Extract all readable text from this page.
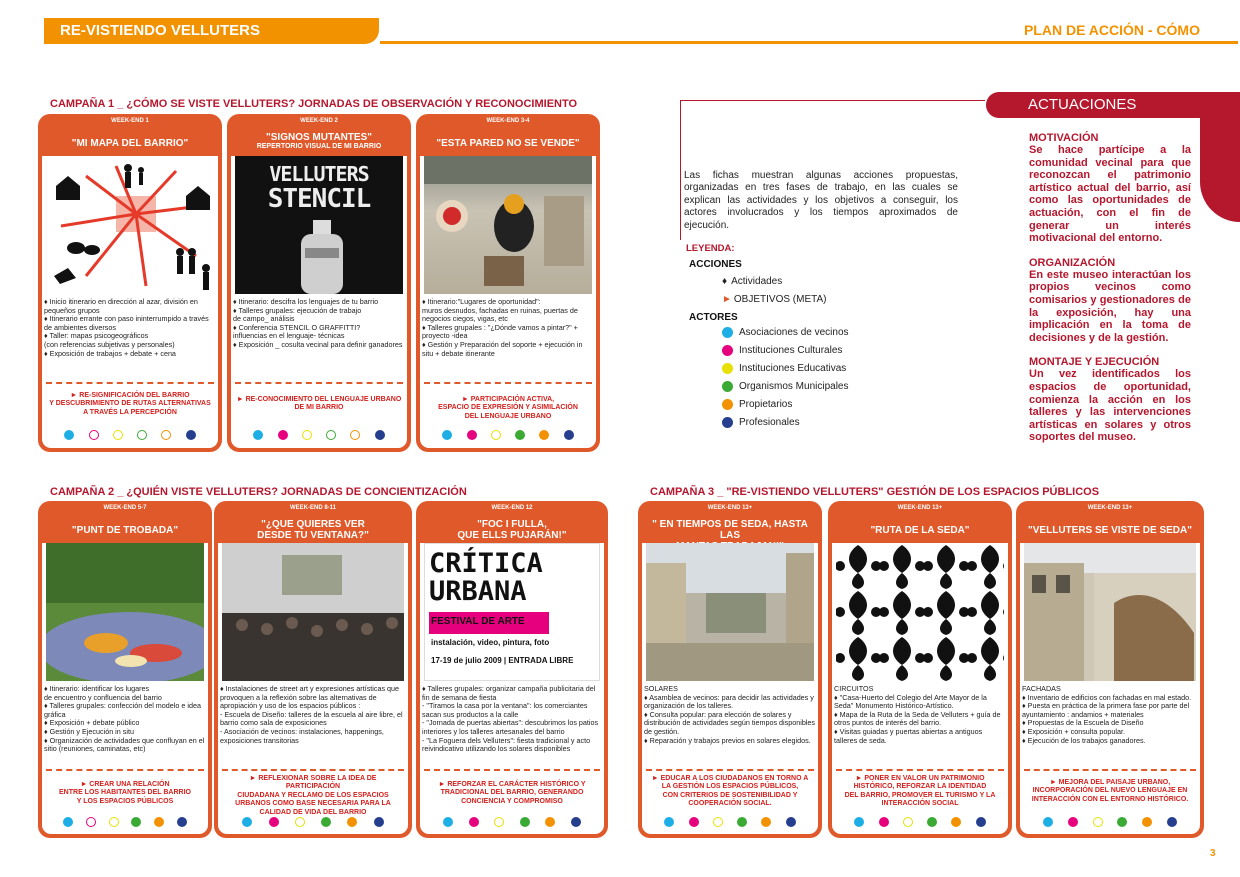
RE-VISTIENDO VELLUTERS	PLAN DE ACCIÓN - CÓMO
CAMPAÑA 1 _ ¿CÓMO SE VISTE VELLUTERS? JORNADAS DE OBSERVACIÓN Y RECONOCIMIENTO
CAMPAÑA 2 _ ¿QUIÉN VISTE VELLUTERS? JORNADAS DE CONCIENTIZACIÓN	CAMPAÑA 3 _ "RE-VISTIENDO VELLUTERS" GESTIÓN DE LOS ESPACIOS PÚBLICOS
WEEK-END 1
"MI MAPA DEL BARRIO"
♦ Inicio itinerario en dirección al azar, división en pequeños grupos
♦ Itinerario errante con paso ininterrumpido a través de ambientes diversos
♦ Taller: mapas psicogeográficos
(con referencias subjetivas y personales)
♦ Exposición de trabajos + debate + cena
► RE-SIGNIFICACIÓN DEL BARRIO
Y DESCUBRIMIENTO DE RUTAS ALTERNATIVAS
A TRAVÉS LA PERCEPCIÓN
WEEK-END 2
"SIGNOS MUTANTES"
REPERTORIO VISUAL DE MI BARRIO
VELLUTERS
STENCIL
♦ Itinerario: descifra los lenguajes de tu barrio
♦ Talleres grupales: ejecución de trabajo
de campo_ análisis
♦ Conferencia STENCIL O GRAFFITTI?
influencias en el lenguaje- técnicas
♦ Exposición _ cosulta vecinal para definir ganadores
► RE-CONOCIMIENTO DEL LENGUAJE URBANO
DE MI BARRIO
WEEK-END 3-4
"ESTA PARED NO SE VENDE"
♦ Itinerario:"Lugares de oportunidad":
muros desnudos, fachadas en ruinas, puertas de negocios ciegos, vigas, etc
♦ Talleres grupales : "¿Dónde vamos a pintar?" + proyecto -idea
♦ Gestión y Preparación del soporte + ejecución in situ + debate itinerante
► PARTICIPACIÓN ACTIVA,
ESPACIO DE EXPRESIÓN Y ASIMILACIÓN
DEL LENGUAJE URBANO
WEEK-END 5-7
"PUNT DE TROBADA"
♦ Itinerario: identificar los lugares
de encuentro y confluencia del barrio
♦ Talleres grupales: confección del modelo e idea gráfica
♦ Exposición + debate público
♦ Gestión y Ejecución in situ
♦ Organización de actividades que confluyan en el sitio (reuniones, caminatas, etc)
► CREAR UNA RELACIÓN
ENTRE LOS HABITANTES DEL BARRIO
Y LOS ESPACIOS PÚBLICOS
WEEK-END 8-11
"¿QUE QUIERES VER
DESDE TU VENTANA?"
♦ Instalaciones de street art y expresiones artísticas que provoquen a la reflexión sobre las alternativas de apropiación y uso de los espacios públicos :
- Escuela de Diseño: talleres de la escuela al aire libre, el barrio como sala de exposiciones
- Asociación de vecinos: instalaciones, happenings, exposiciones transitorias
► REFLEXIONAR SOBRE LA IDEA DE PARTICIPACIÓN
CIUDADANA Y RECLAMO DE LOS ESPACIOS
URBANOS COMO BASE NECESARIA PARA LA
CALIDAD DE VIDA DEL BARRIO
WEEK-END 12
"FOC I FULLA,
QUE ELLS PUJARÁN!"
CRÍTICA
URBANA
FESTIVAL DE ARTE
instalación, video, pintura, foto
17-19 de julio 2009 | ENTRADA LIBRE
♦ Talleres grupales: organizar campaña publicitaria del fin de semana de fiesta
- "Tiramos la casa por la ventana": los comerciantes sacan sus productos a la calle
- "Jornada de puertas abiertas": descubrimos los patios interiores y los talleres artesanales del barrio
- "La Foguera dels Velluters": fiesta tradicional y acto reivindicativo utilizando los solares disponibles
► REFORZAR EL CARÁCTER HISTÓRICO Y
TRADICIONAL DEL BARRIO, GENERANDO
CONCIENCIA Y COMPROMISO
WEEK-END 13+
" EN TIEMPOS DE SEDA, HASTA LAS

SOLARES
♦ Asamblea de vecinos: para decidir las actividades y organización de los talleres.
♦ Consulta popular: para elección de solares y distribución de actividades según tiempos disponibles de gestión.
♦ Reparación y trabajos previos en solares elegidos.
► EDUCAR A LOS CIUDADANOS EN TORNO A
LA GESTIÓN LOS ESPACIOS PÚBLICOS,
CON CRITERIOS DE SOSTENIBILIDAD Y
COOPERACIÓN SOCIAL.
WEEK-END 13+
"RUTA DE LA SEDA"
CIRCUITOS
♦ "Casa-Huerto del Colegio del Arte Mayor de la Seda" Monumento Histórico-Artístico.
♦ Mapa de la Ruta de la Seda de Velluters + guía de otros puntos de interés del barrio.
♦ Visitas guiadas y puertas abiertas a antiguos talleres de seda.
► PONER EN VALOR UN PATRIMONIO
HISTÓRICO, REFORZAR LA IDENTIDAD
DEL BARRIO, PROMOVER EL TURISMO Y LA
INTERACCIÓN SOCIAL
WEEK-END 13+
"VELLUTERS SE VISTE DE SEDA"
FACHADAS
♦ Inventario de edificios con fachadas en mal estado.
♦ Puesta en práctica de la primera fase por parte del ayuntamiento : andamios + materiales
♦ Propuestas de la Escuela de Diseño
♦ Exposición + consulta popular.
♦ Ejecución de los trabajos ganadores.
► MEJORA DEL PAISAJE URBANO,
INCORPORACIÓN DEL NUEVO LENGUAJE EN
INTERACCIÓN CON EL ENTORNO HISTÓRICO.
Las fichas muestran algunas acciones propuestas, organizadas en tres fases de trabajo, en las cuales se explican las actividades y los objetivos a conseguir, los actores involucrados y los tiempos aproximados de ejecución.
LEYENDA:
ACCIONES
♦ Actividades
► OBJETIVOS (META)
ACTORES
Asociaciones de vecinos
Instituciones Culturales
Instituciones Educativas
Organismos Municipales
Propietarios
Profesionales
ACTUACIONES
MOTIVACIÓN
Se hace partícipe a la comunidad vecinal para que reconozcan el patrimonio artístico actual del barrio, así como las oportunidades de actuación, con el fin de generar un interés motivacional del entorno.
ORGANIZACIÓN
En este museo interactúan los propios vecinos como comisarios y gestionadores de la exposición, hay una implicación en la toma de decisiones y de la gestión.
MONTAJE Y EJECUCIÓN
Un vez identificados los espacios de oportunidad, comienza la acción en los talleres y las intervenciones artísticas en solares y otros soportes del museo.
3
